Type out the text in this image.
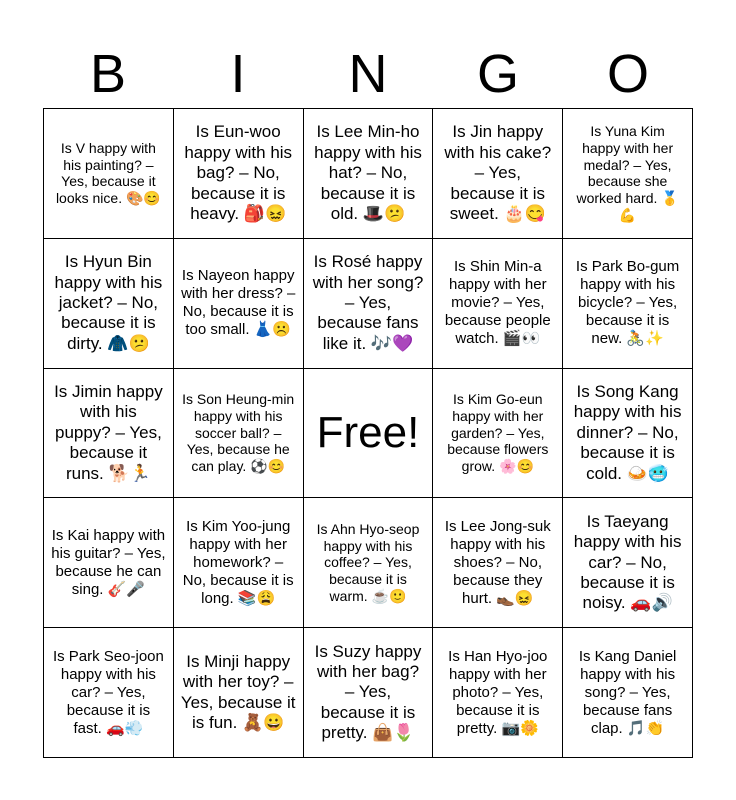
B	I	N	G	O
Is V happy with his painting? – Yes, because it looks nice. 🎨😊
Is Eun-woo happy with his bag? – No, because it is heavy. 🎒😖
Is Lee Min-ho happy with his hat? – No, because it is old. 🎩😕
Is Jin happy with his cake? – Yes, because it is sweet. 🎂😋
Is Yuna Kim happy with her medal? – Yes, because she worked hard. 🥇💪
Is Hyun Bin happy with his jacket? – No, because it is dirty. 🧥😕
Is Nayeon happy with her dress? – No, because it is too small. 👗☹️
Is Rosé happy with her song? – Yes, because fans like it. 🎶💜
Is Shin Min-a happy with her movie? – Yes, because people watch. 🎬👀
Is Park Bo-gum happy with his bicycle? – Yes, because it is new. 🚴✨
Is Jimin happy with his puppy? – Yes, because it runs. 🐕🏃
Is Son Heung-min happy with his soccer ball? – Yes, because he can play. ⚽😊
Free!
Is Kim Go-eun happy with her garden? – Yes, because flowers grow. 🌸😊
Is Song Kang happy with his dinner? – No, because it is cold. 🍛🥶
Is Kai happy with his guitar? – Yes, because he can sing. 🎸🎤
Is Kim Yoo-jung happy with her homework? – No, because it is long. 📚😩
Is Ahn Hyo-seop happy with his coffee? – Yes, because it is warm. ☕🙂
Is Lee Jong-suk happy with his shoes? – No, because they hurt. 👞😖
Is Taeyang happy with his car? – No, because it is noisy. 🚗🔊
Is Park Seo-joon happy with his car? – Yes, because it is fast. 🚗💨
Is Minji happy with her toy? – Yes, because it is fun. 🧸😀
Is Suzy happy with her bag? – Yes, because it is pretty. 👜🌷
Is Han Hyo-joo happy with her photo? – Yes, because it is pretty. 📷🌼
Is Kang Daniel happy with his song? – Yes, because fans clap. 🎵👏
